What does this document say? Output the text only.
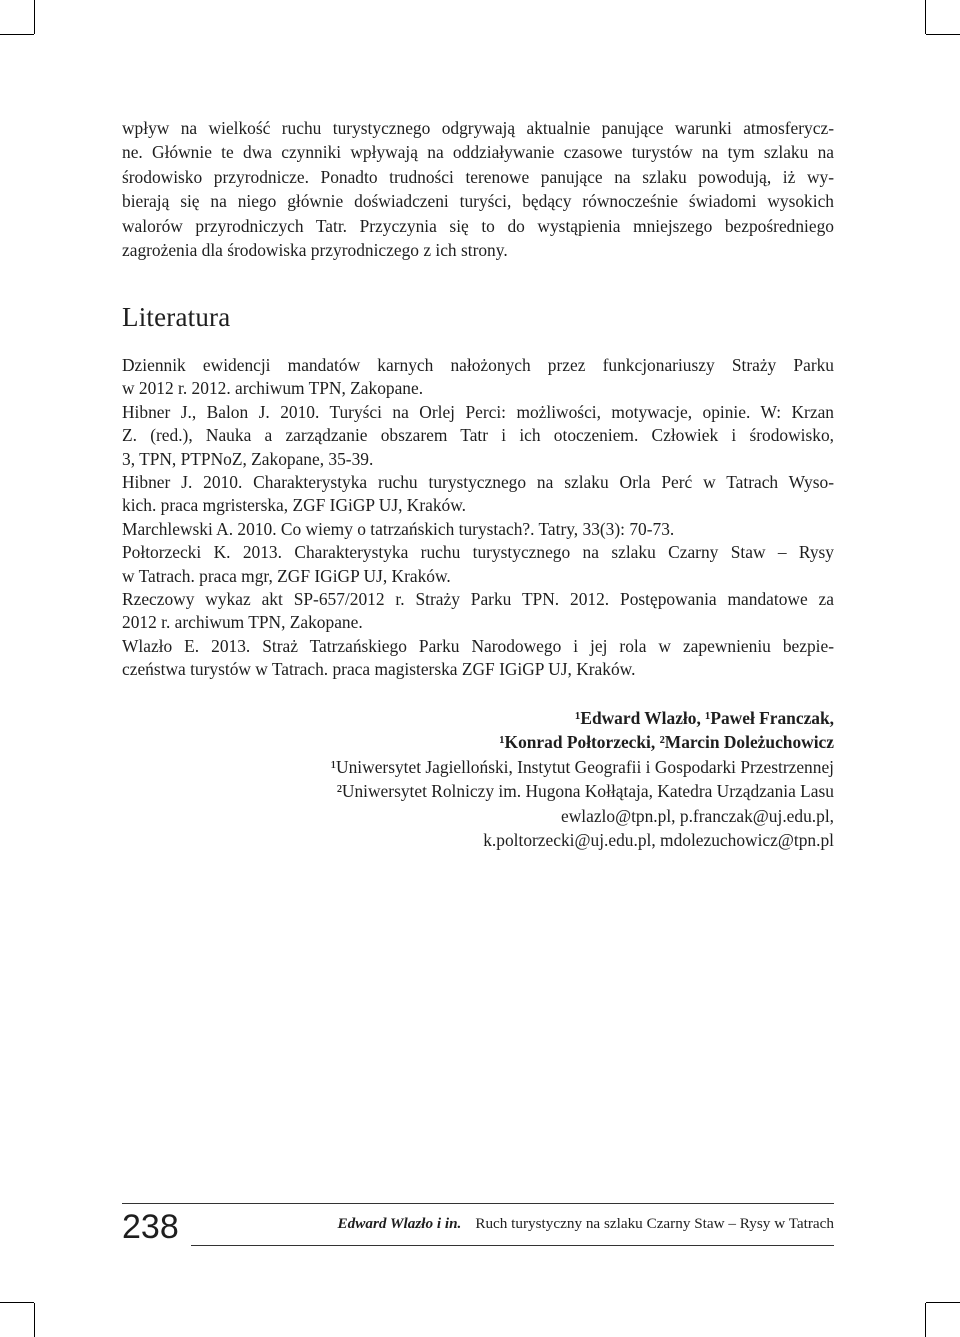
wpływ na wielkość ruchu turystycznego odgrywają aktualnie panujące warunki atmosferycz-
ne. Głównie te dwa czynniki wpływają na oddziaływanie czasowe turystów na tym szlaku na
środowisko przyrodnicze. Ponadto trudności terenowe panujące na szlaku powodują, iż wy-
bierają się na niego głównie doświadczeni turyści, będący równocześnie świadomi wysokich
walorów przyrodniczych Tatr. Przyczynia się to do wystąpienia mniejszego bezpośredniego
zagrożenia dla środowiska przyrodniczego z ich strony.
Literatura

Dziennik ewidencji mandatów karnych nałożonych przez funkcjonariuszy Straży Parku
w 2012 r. 2012. archiwum TPN, Zakopane.

Hibner J., Balon J. 2010. Turyści na Orlej Perci: możliwości, motywacje, opinie. W: Krzan
Z. (red.), Nauka a zarządzanie obszarem Tatr i ich otoczeniem. Człowiek i środowisko,
3, TPN, PTPNoZ, Zakopane, 35-39.

Hibner J. 2010. Charakterystyka ruchu turystycznego na szlaku Orla Perć w Tatrach Wyso-
kich. praca mgristerska, ZGF IGiGP UJ, Kraków.

Marchlewski A. 2010. Co wiemy o tatrzańskich turystach?. Tatry, 33(3): 70-73.

Połtorzecki K. 2013. Charakterystyka ruchu turystycznego na szlaku Czarny Staw – Rysy
w Tatrach. praca mgr, ZGF IGiGP UJ, Kraków.

Rzeczowy wykaz akt SP-657/2012 r. Straży Parku TPN. 2012. Postępowania mandatowe za
2012 r. archiwum TPN, Zakopane.

Wlazło E. 2013. Straż Tatrzańskiego Parku Narodowego i jej rola w zapewnieniu bezpie-
czeństwa turystów w Tatrach. praca magisterska ZGF IGiGP UJ, Kraków.

¹Edward Wlazło, ¹Paweł Franczak,
¹Konrad Połtorzecki, ²Marcin Doleżuchowicz
¹Uniwersytet Jagielloński, Instytut Geografii i Gospodarki Przestrzennej
²Uniwersytet Rolniczy im. Hugona Kołłątaja, Katedra Urządzania Lasu
ewlazlo@tpn.pl, p.franczak@uj.edu.pl,
k.poltorzecki@uj.edu.pl, mdolezuchowicz@tpn.pl
238	Edward Wlazło i in. Ruch turystyczny na szlaku Czarny Staw – Rysy w Tatrach
